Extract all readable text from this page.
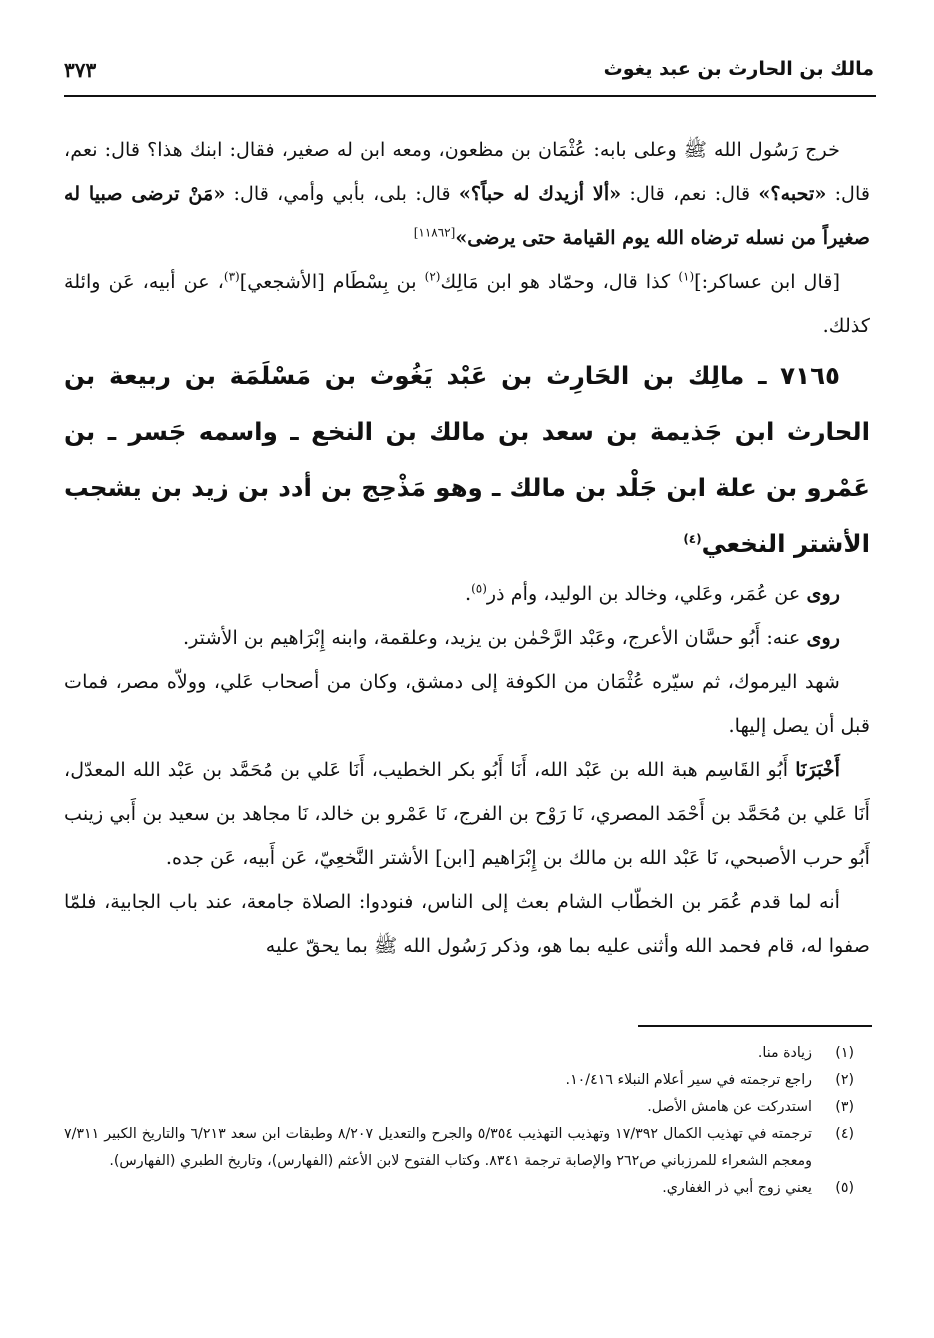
مالك بن الحارث بن عبد يغوث
٣٧٣

خرج رَسُول الله ﷺ وعلى بابه: عُثْمَان بن مظعون، ومعه ابن له صغير، فقال: ابنك هذا؟ قال: نعم، قال: «تحبه؟» قال: نعم، قال: «ألا أزيدك له حباً؟» قال: بلى، بأبي وأمي، قال: «مَنْ ترضى صبيا له صغيراً من نسله ترضاه الله يوم القيامة حتى يرضى»[١١٨٦٢]

[قال ابن عساكر:]$^{(١)}$ كذا قال، وحمّاد هو ابن مَالِك$^{(٢)}$ بن بِسْطَام [الأشجعي]$^{(٣)}$، عن أبيه، عَن وائلة كذلك.

٧١٦٥ ـ مالِك بن الحَارِث بن عَبْد يَغُوث بن مَسْلَمَة بن ربيعة بن الحارث ابن جَذيمة بن سعد بن مالك بن النخع ـ واسمه جَسر ـ بن عَمْرو بن علة ابن جَلْد بن مالك ـ وهو مَذْحِج بن أدد بن زيد بن يشجب الأشتر النخعي$^{(٤)}$

روى عن عُمَر، وعَلي، وخالد بن الوليد، وأم ذر$^{(٥)}$.

روى عنه: أَبُو حسَّان الأعرج، وعَبْد الرَّحْمٰن بن يزيد، وعلقمة، وابنه إِبْرَاهيم بن الأشتر.

شهد اليرموك، ثم سيّره عُثْمَان من الكوفة إلى دمشق، وكان من أصحاب عَلي، وولاّه مصر، فمات قبل أن يصل إليها.

أَخْبَرَنَا أَبُو القَاسِم هبة الله بن عَبْد الله، أَنَا أَبُو بكر الخطيب، أَنَا عَلي بن مُحَمَّد بن عَبْد الله المعدّل، أَنَا عَلي بن مُحَمَّد بن أَحْمَد المصري، نَا رَوْح بن الفرج، نَا عَمْرو بن خالد، نَا مجاهد بن سعيد بن أَبي زينب أَبُو حرب الأصبحي، نَا عَبْد الله بن مالك بن إِبْرَاهيم [ابن] الأشتر النَّخعِيّ، عَن أَبيه، عَن جده.

أنه لما قدم عُمَر بن الخطّاب الشام بعث إلى الناس، فنودوا: الصلاة جامعة، عند باب الجابية، فلمّا صفوا له، قام فحمد الله وأثنى عليه بما هو، وذكر رَسُول الله ﷺ بما يحقّ عليه

(١)
زيادة منا.

(٢)
راجع ترجمته في سير أعلام النبلاء ١٠/٤١٦.

(٣)
استدركت عن هامش الأصل.

(٤)
ترجمته في تهذيب الكمال ١٧/٣٩٢ وتهذيب التهذيب ٥/٣٥٤ والجرح والتعديل ٨/٢٠٧ وطبقات ابن سعد ٦/٢١٣ والتاريخ الكبير ٧/٣١١ ومعجم الشعراء للمرزباني ص٢٦٢ والإصابة ترجمة ٨٣٤١. وكتاب الفتوح لابن الأعثم (الفهارس)، وتاريخ الطبري (الفهارس).

(٥)
يعني زوج أبي ذر الغفاري.
